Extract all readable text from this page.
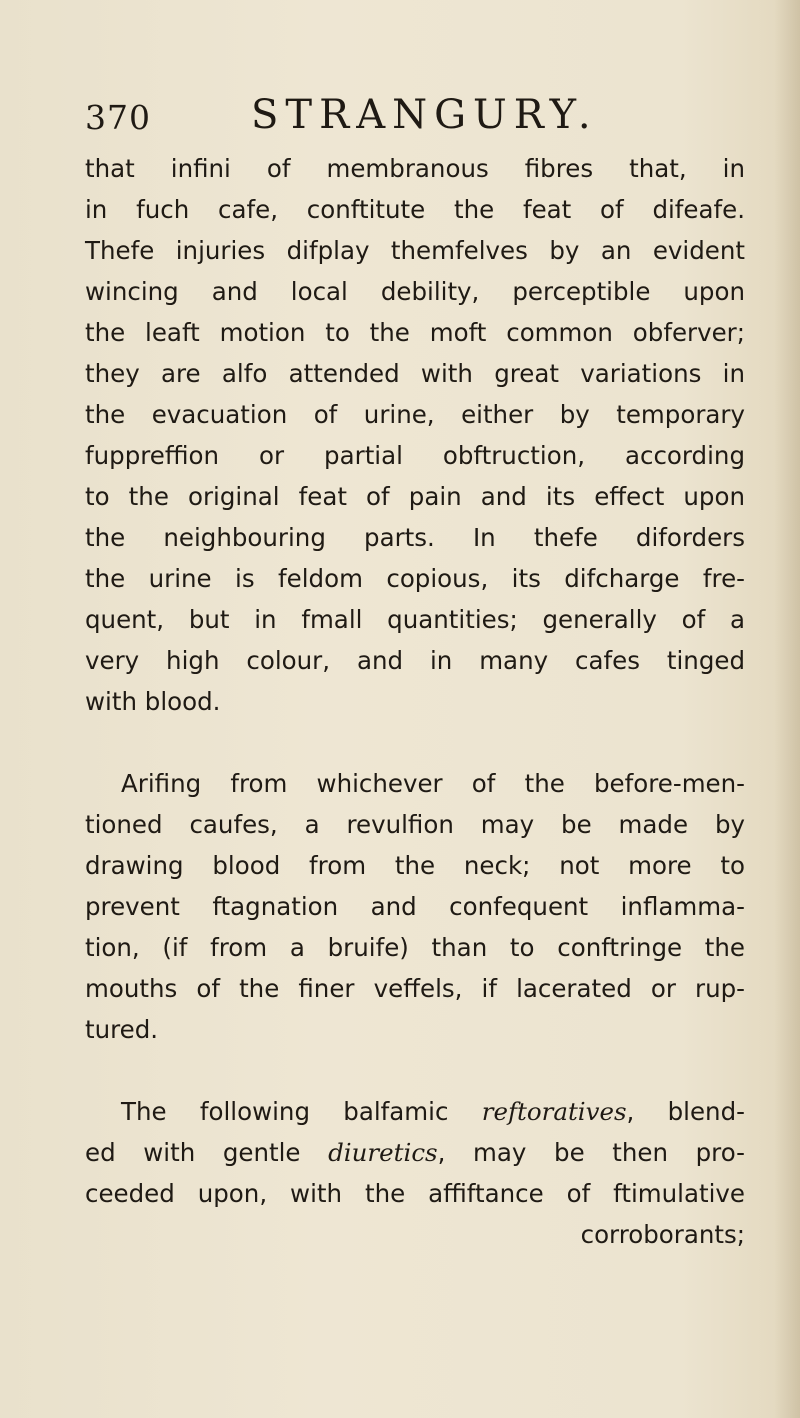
370	STRANGURY.
that infini of membranous fibres that, in
in fuch cafe, conftitute the feat of difeafe.
Thefe injuries difplay themfelves by an evident
wincing and local debility, perceptible upon
the leaft motion to the moft common obferver;
they are alfo attended with great variations in
the evacuation of urine, either by temporary
fuppreffion or partial obftruction, according
to the original feat of pain and its effect upon
the neighbouring parts. In thefe diforders
the urine is feldom copious, its difcharge fre-
quent, but in fmall quantities; generally of a
very high colour, and in many cafes tinged
with blood.
Arifing from whichever of the before-men-
tioned caufes, a revulfion may be made by
drawing blood from the neck; not more to
prevent ftagnation and confequent inflamma-
tion, (if from a bruife) than to conftringe the
mouths of the finer veffels, if lacerated or rup-
tured.
The following balfamic reftoratives, blend-
ed with gentle diuretics, may be then pro-
ceeded upon, with the affiftance of ftimulative
corroborants;
